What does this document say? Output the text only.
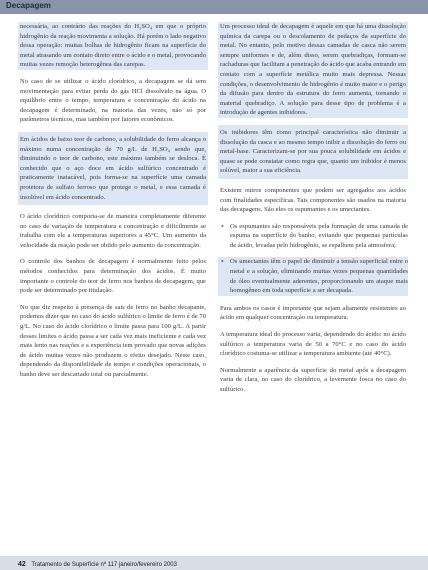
Decapagem

necessária, ao contrário das reações do H₂SO₄ em que o próprio hidrogênio da reação movimenta a solução. Há porém o lado negativo dessa operação: muitas bolhas de hidrogênio ficam na superfície do metal atrasando um contato direto entre o ácido e o metal, provocando muitas vezes remoção heterogênea das carepas.

No caso de se utilizar o ácido clorídrico, a decapagem se dá sem movimentação para evitar perda do gás HCl dissolvido na água. O equilíbrio entre o tempo, temperatura e concentração do ácido na decapagem é determinado, na maioria das vezes, não só por parâmetros técnicos, mas também por fatores econômicos.

Em ácidos de baixo teor de carbono, a solubilidade do ferro alcança o máximo numa concentração de 70 g/L de H₂SO₄ sendo que, diminuindo o teor de carbono, este máximo também se desloca. É conhecido que o aço doce em ácido sulfúrico concentrado é praticamente inatacável, pois forma-se na superfície uma camada protetora de sulfato ferroso que protege o metal, e essa camada é insolúvel em ácido concentrado.

O ácido clorídrico comporta-se de maneira completamente diferente no caso de variação de temperatura e concentração e dificilmente se trabalha com ele a temperaturas superiores a 45°C. Um aumento da velocidade da reação pode ser obtido pelo aumento da concentração.

O controle dos banhos de decapagem é normalmente feito pelos métodos conhecidos para determinação dos ácidos. É muito importante o controle do teor de ferro nos banhos de decapagem, que pode ser determinado por titulação.

No que diz respeito à presença de sais de ferro no banho decapante, podemos dizer que no caso do ácido sulfúrico o limite de ferro é de 70 g/L. No caso do ácido clorídrico o limite passa para 100 g/L. A partir desses limites o ácido passa a ser cada vez mais ineficiente e cada vez mais lento nas reações e a experiência tem provado que novas adições de ácido muitas vezes não produzem o efeito desejado. Neste caso, dependendo da disponibilidade de tempo e condições operacionais, o banho deve ser descartado total ou parcialmente.

Um processo ideal de decapagem é aquele em que há uma dissolução química da carepa ou o descolamento de pedaços da superfície do metal. No entanto, pelo motivo dessas camadas de casca não serem sempre uniformes e de, além disso, serem quebradiças, formam-se rachaduras que facilitam a penetração do ácido que acaba entrando em contato com a superfície metálica muito mais depressa. Nessas condições, o desenvolvimento de hidrogênio é muito maior e o perigo da difusão para dentro da estrutura do ferro aumenta, tornando o material quebradiço. A solução para desse tipo de problema é a introdução de agentes inibidores.

Os inibidores têm como principal característica não diminuir a dissolução da casca e ao mesmo tempo inibir a dissolução do ferro ou metal-base. Caracterizam-se por sua pouca solubilidade em ácidos e quase se pode constatar como regra que, quanto um inibidor é menos solúvel, maior a sua eficiência.

Existem outros componentes que podem ser agregados aos ácidos com finalidades específicas. Tais componentes são usados na maioria das decapagens. São eles os espumantes e os umectantes.

• Os espumantes são responsáveis pela formação de uma camada de espuma na superfície do banho, evitando que pequenas partículas de ácido, levadas pelo hidrogênio, se espalhem pela atmosfera;
• Os umectantes têm o papel de diminuir a tensão superficial entre o metal e a solução, eliminando muitas vezes pequenas quantidades de óleo eventualmente aderentes, proporcionando um ataque mais homogêneo em toda superfície a ser decapada.

Para ambos os casos é importante que sejam altamente resistentes ao ácido em qualquer concentração ou temperatura.

A temperatura ideal do processo varia, dependendo do ácido: no ácido sulfúrico a temperatura varia de 50 a 70°C e no caso do ácido clorídrico costuma-se utilizar a temperatura ambiente (até 40°C).

Normalmente a aparência da superfície do metal após a decapagem varia de clara, no caso do clorídrico, a levemente fosca no caso do sulfúrico.

42 Tratamento de Superfície nº 117 janeiro/fevereiro 2003
